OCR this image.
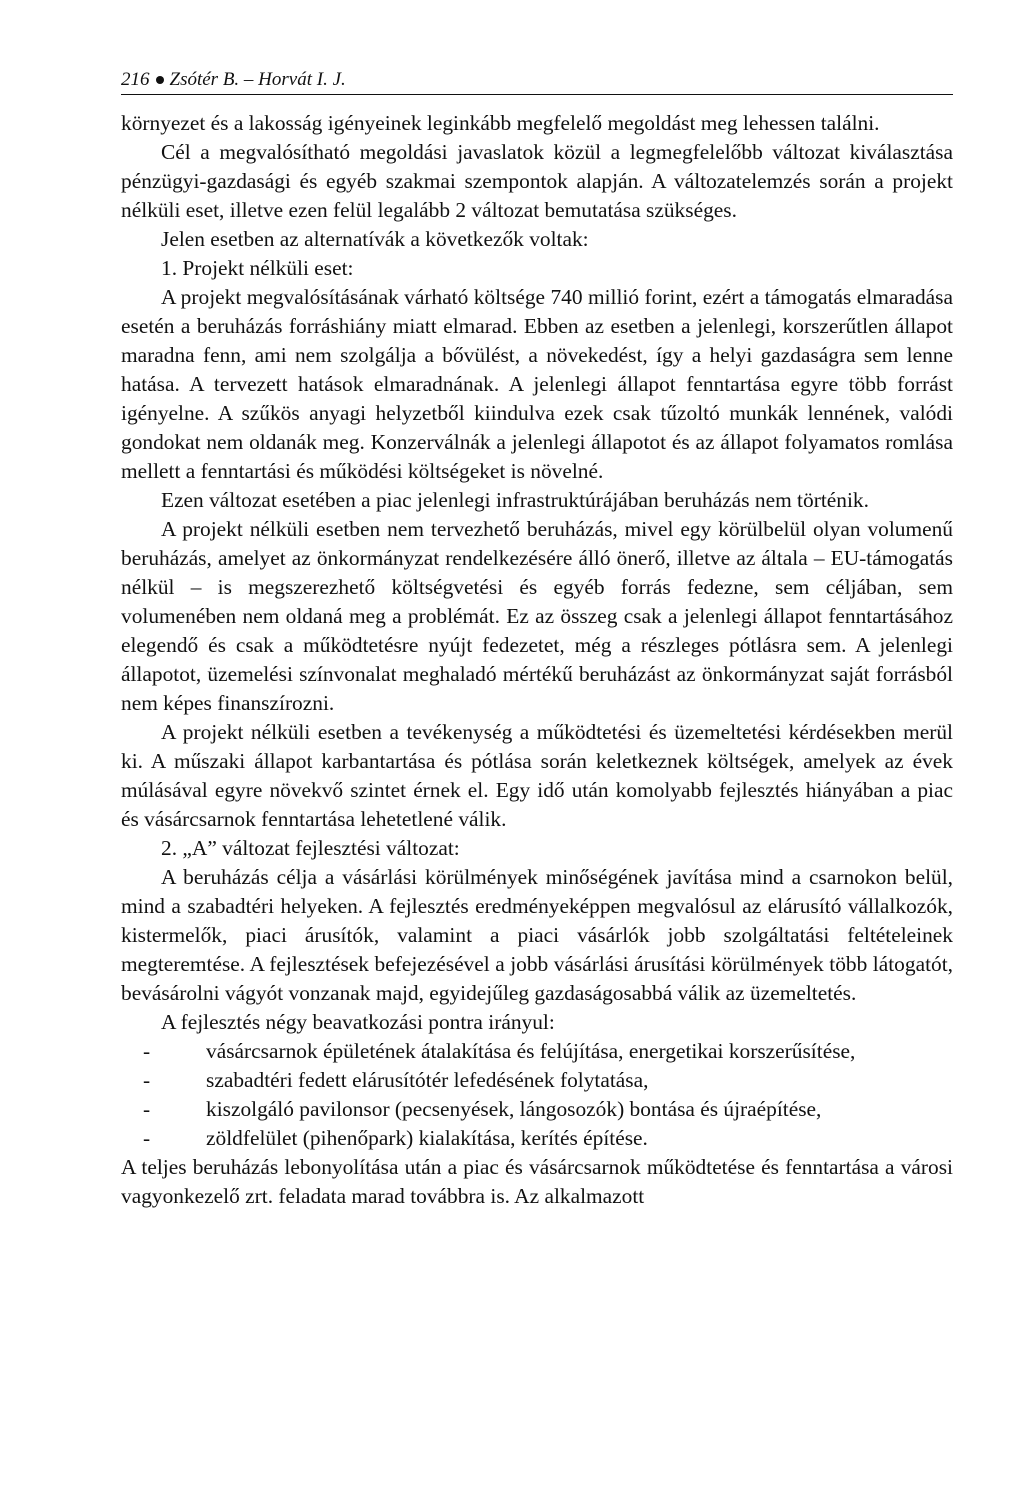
216 Zsótér B. – Horvát I. J.

környezet és a lakosság igényeinek leginkább megfelelő megoldást meg lehessen találni.

Cél a megvalósítható megoldási javaslatok közül a legmegfelelőbb változat kiválasztása pénzügyi-gazdasági és egyéb szakmai szempontok alapján. A változatelemzés során a projekt nélküli eset, illetve ezen felül legalább 2 változat bemutatása szükséges.

Jelen esetben az alternatívák a következők voltak:

1. Projekt nélküli eset:

A projekt megvalósításának várható költsége 740 millió forint, ezért a támogatás elmaradása esetén a beruházás forráshiány miatt elmarad. Ebben az esetben a jelenlegi, korszerűtlen állapot maradna fenn, ami nem szolgálja a bővülést, a növekedést, így a helyi gazdaságra sem lenne hatása. A tervezett hatások elmaradnának. A jelenlegi állapot fenntartása egyre több forrást igényelne. A szűkös anyagi helyzetből kiindulva ezek csak tűzoltó munkák lennének, valódi gondokat nem oldanák meg. Konzerválnák a jelenlegi állapotot és az állapot folyamatos romlása mellett a fenntartási és működési költségeket is növelné.

Ezen változat esetében a piac jelenlegi infrastruktúrájában beruházás nem történik.

A projekt nélküli esetben nem tervezhető beruházás, mivel egy körülbelül olyan volumenű beruházás, amelyet az önkormányzat rendelkezésére álló önerő, illetve az általa – EU-támogatás nélkül – is megszerezhető költségvetési és egyéb forrás fedezne, sem céljában, sem volumenében nem oldaná meg a problémát. Ez az összeg csak a jelenlegi állapot fenntartásához elegendő és csak a működtetésre nyújt fedezetet, még a részleges pótlásra sem. A jelenlegi állapotot, üzemelési színvonalat meghaladó mértékű beruházást az önkormányzat saját forrásból nem képes finanszírozni.

A projekt nélküli esetben a tevékenység a működtetési és üzemeltetési kérdésekben merül ki. A műszaki állapot karbantartása és pótlása során keletkeznek költségek, amelyek az évek múlásával egyre növekvő szintet érnek el. Egy idő után komolyabb fejlesztés hiányában a piac és vásárcsarnok fenntartása lehetetlené válik.

2. „A” változat fejlesztési változat:

A beruházás célja a vásárlási körülmények minőségének javítása mind a csarnokon belül, mind a szabadtéri helyeken. A fejlesztés eredményeképpen megvalósul az elárusító vállalkozók, kistermelők, piaci árusítók, valamint a piaci vásárlók jobb szolgáltatási feltételeinek megteremtése. A fejlesztések befejezésével a jobb vásárlási árusítási körülmények több látogatót, bevásárolni vágyót vonzanak majd, egyidejűleg gazdaságosabbá válik az üzemeltetés.

A fejlesztés négy beavatkozási pontra irányul:

-	vásárcsarnok épületének átalakítása és felújítása, energetikai korszerűsítése,
-	szabadtéri fedett elárusítótér lefedésének folytatása,
-	kiszolgáló pavilonsor (pecsenyések, lángosozók) bontása és újraépítése,
-	zöldfelület (pihenőpark) kialakítása, kerítés építése.

A teljes beruházás lebonyolítása után a piac és vásárcsarnok működtetése és fenntartása a városi vagyonkezelő zrt. feladata marad továbbra is. Az alkalmazott
